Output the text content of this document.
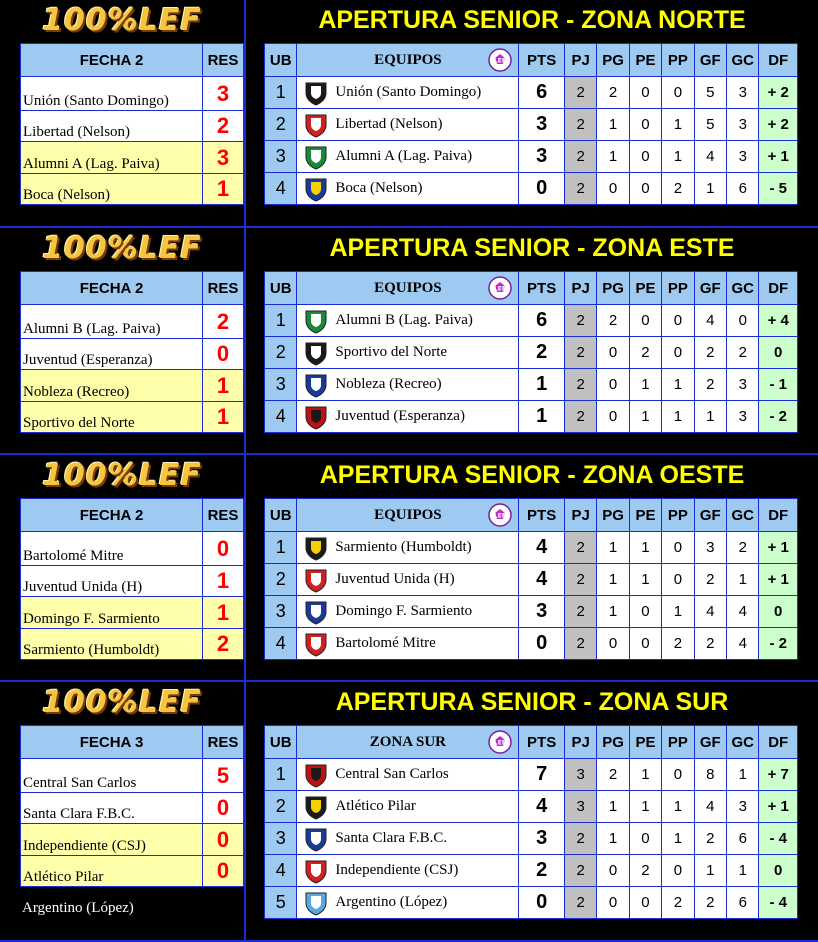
100%LEF	APERTURA SENIOR - ZONA NORTE
FECHA 2	RES
Unión (Santo Domingo)	3
Libertad (Nelson)	2
Alumni A (Lag. Paiva)	3
Boca (Nelson)	1
UB	EQUIPOS LEF	PTS	PJ	PG	PE	PP	GF	GC	DF
1	Unión (Santo Domingo)	6	2	2	0	0	5	3	+ 2
2	Libertad (Nelson)	3	2	1	0	1	5	3	+ 2
3	Alumni A (Lag. Paiva)	3	2	1	0	1	4	3	+ 1
4	Boca (Nelson)	0	2	0	0	2	1	6	- 5
100%LEF	APERTURA SENIOR - ZONA ESTE
FECHA 2	RES
Alumni B (Lag. Paiva)	2
Juventud (Esperanza)	0
Nobleza (Recreo)	1
Sportivo del Norte	1
UB	EQUIPOS LEF	PTS	PJ	PG	PE	PP	GF	GC	DF
1	Alumni B (Lag. Paiva)	6	2	2	0	0	4	0	+ 4
2	Sportivo del Norte	2	2	0	2	0	2	2	0
3	Nobleza (Recreo)	1	2	0	1	1	2	3	- 1
4	Juventud (Esperanza)	1	2	0	1	1	1	3	- 2
100%LEF	APERTURA SENIOR - ZONA OESTE
FECHA 2	RES
Bartolomé Mitre	0
Juventud Unida (H)	1
Domingo F. Sarmiento	1
Sarmiento (Humboldt)	2
UB	EQUIPOS LEF	PTS	PJ	PG	PE	PP	GF	GC	DF
1	Sarmiento (Humboldt)	4	2	1	1	0	3	2	+ 1
2	Juventud Unida (H)	4	2	1	1	0	2	1	+ 1
3	Domingo F. Sarmiento	3	2	1	0	1	4	4	0
4	Bartolomé Mitre	0	2	0	0	2	2	4	- 2
100%LEF	APERTURA SENIOR - ZONA SUR
FECHA 3	RES
Central San Carlos	5
Santa Clara F.B.C.	0
Independiente (CSJ)	0
Atlético Pilar	0
Argentino (López)
UB	ZONA SUR LEF	PTS	PJ	PG	PE	PP	GF	GC	DF
1	Central San Carlos	7	3	2	1	0	8	1	+ 7
2	Atlético Pilar	4	3	1	1	1	4	3	+ 1
3	Santa Clara F.B.C.	3	2	1	0	1	2	6	- 4
4	Independiente (CSJ)	2	2	0	2	0	1	1	0
5	Argentino (López)	0	2	0	0	2	2	6	- 4
